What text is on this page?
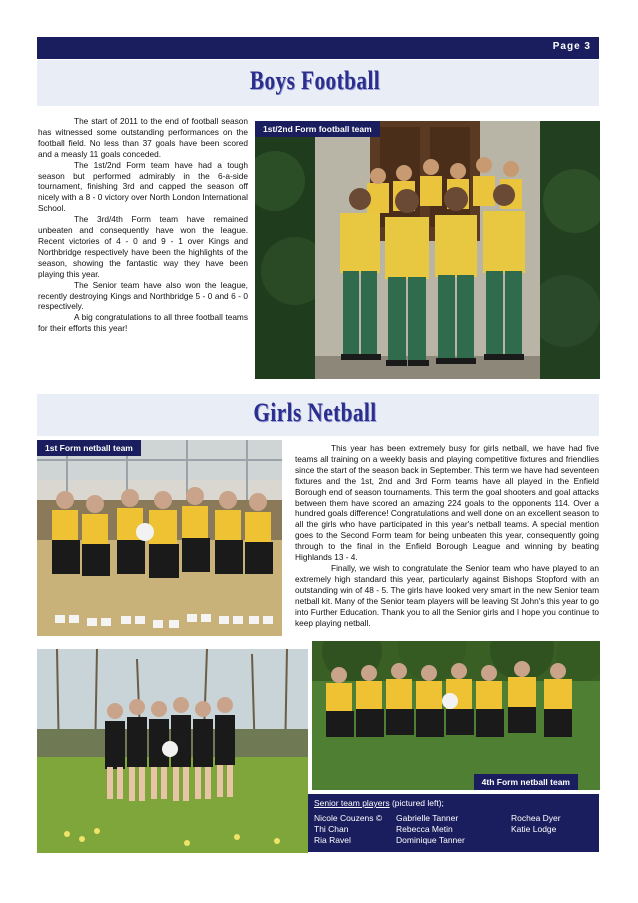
Page 3
Boys Football

The start of 2011 to the end of football season has witnessed some outstanding performances on the football field. No less than 37 goals have been scored and a measly 11 goals conceded.

The 1st/2nd Form team have had a tough season but performed admirably in the 6-a-side tournament, finishing 3rd and capped the season off nicely with a 8 - 0 victory over North London International School.

The 3rd/4th Form team have remained unbeaten and consequently have won the league. Recent victories of 4 - 0 and 9 - 1 over Kings and Northbridge respectively have been the highlights of the season, showing the fantastic way they have been playing this year.

The Senior team have also won the league, recently destroying Kings and Northbridge 5 - 0 and 6 - 0 respectively.

A big congratulations to all three football teams for their efforts this year!

1st/2nd Form football team
Girls Netball
1st Form netball team	This year has been extremely busy for girls netball, we have had five teams all training on a weekly basis and playing competitive fixtures and friendlies since the start of the season back in September. This term we have had seventeen fixtures and the 1st, 2nd and 3rd Form teams have all played in the Enfield Borough end of season tournaments. This term the goal shooters and goal attacks between them have scored an amazing 224 goals to the opponents 114. Over a hundred goals difference! Congratulations and well done on an excellent season to all the girls who have participated in this year's netball teams. A special mention goes to the Second Form team for being unbeaten this year, consequently going through to the final in the Enfield Borough League and winning by beating Highlands 13 - 4.

Finally, we wish to congratulate the Senior team who have played to an extremely high standard this year, particularly against Bishops Stopford with an outstanding win of 48 - 5. The girls have looked very smart in the new Senior team netball kit. Many of the Senior team players will be leaving St John's this year to go into Further Education. Thank you to all the Senior girls and I hope you continue to keep playing netball.

4th Form netball team
Senior team players (pictured left);
Nicole Couzens ©	Gabrielle Tanner	Rochea Dyer
Thi Chan	Rebecca Metin	Katie Lodge
Ria Ravel	Dominique Tanner	
